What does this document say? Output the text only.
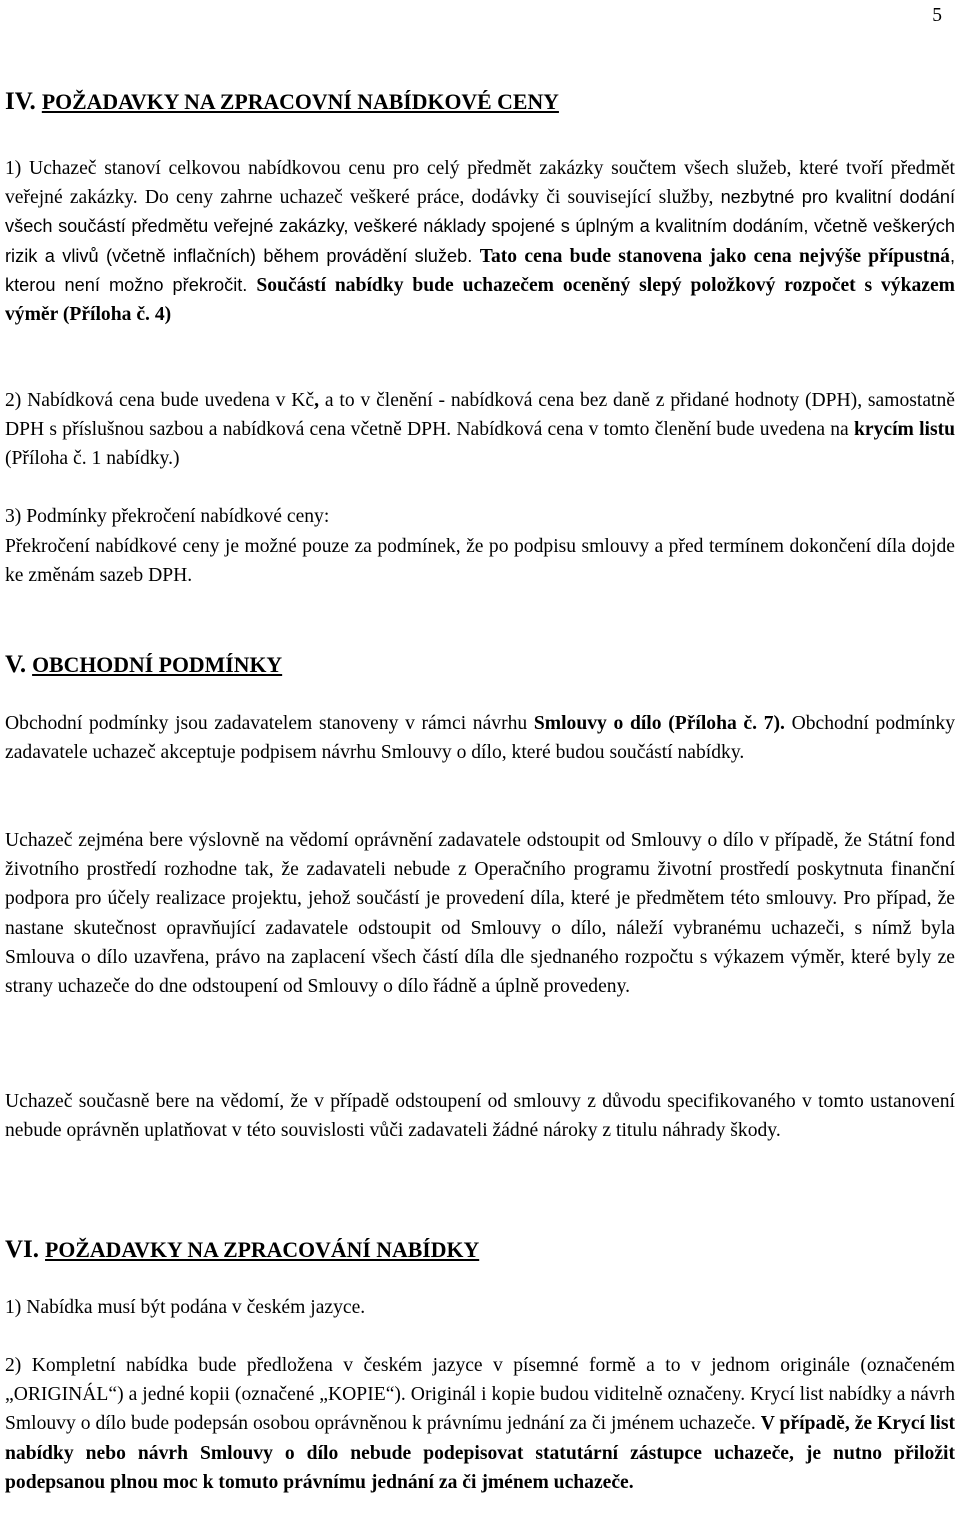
5
IV. POŽADAVKY NA ZPRACOVNÍ NABÍDKOVÉ CENY
1) Uchazeč stanoví celkovou nabídkovou cenu pro celý předmět zakázky součtem všech služeb, které tvoří předmět veřejné zakázky. Do ceny zahrne uchazeč veškeré práce, dodávky či související služby, nezbytné pro kvalitní dodání všech součástí předmětu veřejné zakázky, veškeré náklady spojené s úplným a kvalitním dodáním, včetně veškerých rizik a vlivů (včetně inflačních) během provádění služeb. Tato cena bude stanovena jako cena nejvýše přípustná, kterou není možno překročit. Součástí nabídky bude uchazečem oceněný slepý položkový rozpočet s výkazem výměr (Příloha č. 4)
2) Nabídková cena bude uvedena v Kč, a to v členění - nabídková cena bez daně z přidané hodnoty (DPH), samostatně DPH s příslušnou sazbou a nabídková cena včetně DPH. Nabídková cena v tomto členění bude uvedena na krycím listu (Příloha č. 1 nabídky.)
3) Podmínky překročení nabídkové ceny:
Překročení nabídkové ceny je možné pouze za podmínek, že po podpisu smlouvy a před termínem dokončení díla dojde ke změnám sazeb DPH.
V. OBCHODNÍ PODMÍNKY
Obchodní podmínky jsou zadavatelem stanoveny v rámci návrhu Smlouvy o dílo (Příloha č. 7). Obchodní podmínky zadavatele uchazeč akceptuje podpisem návrhu Smlouvy o dílo, které budou součástí nabídky.
Uchazeč zejména bere výslovně na vědomí oprávnění zadavatele odstoupit od Smlouvy o dílo v případě, že Státní fond životního prostředí rozhodne tak, že zadavateli nebude z Operačního programu životní prostředí poskytnuta finanční podpora pro účely realizace projektu, jehož součástí je provedení díla, které je předmětem této smlouvy. Pro případ, že nastane skutečnost opravňující zadavatele odstoupit od Smlouvy o dílo, náleží vybranému uchazeči, s nímž byla Smlouva o dílo uzavřena, právo na zaplacení všech částí díla dle sjednaného rozpočtu s výkazem výměr, které byly ze strany uchazeče do dne odstoupení od Smlouvy o dílo řádně a úplně provedeny.
Uchazeč současně bere na vědomí, že v případě odstoupení od smlouvy z důvodu specifikovaného v tomto ustanovení nebude oprávněn uplatňovat v této souvislosti vůči zadavateli žádné nároky z titulu náhrady škody.
VI. POŽADAVKY NA ZPRACOVÁNÍ NABÍDKY
1) Nabídka musí být podána v českém jazyce.
2) Kompletní nabídka bude předložena v českém jazyce v písemné formě a to v jednom originále (označeném „ORIGINÁL“) a jedné kopii (označené „KOPIE“). Originál i kopie budou viditelně označeny. Krycí list nabídky a návrh Smlouvy o dílo bude podepsán osobou oprávněnou k právnímu jednání za či jménem uchazeče. V případě, že Krycí list nabídky nebo návrh Smlouvy o dílo nebude podepisovat statutární zástupce uchazeče, je nutno přiložit podepsanou plnou moc k tomuto právnímu jednání za či jménem uchazeče.
